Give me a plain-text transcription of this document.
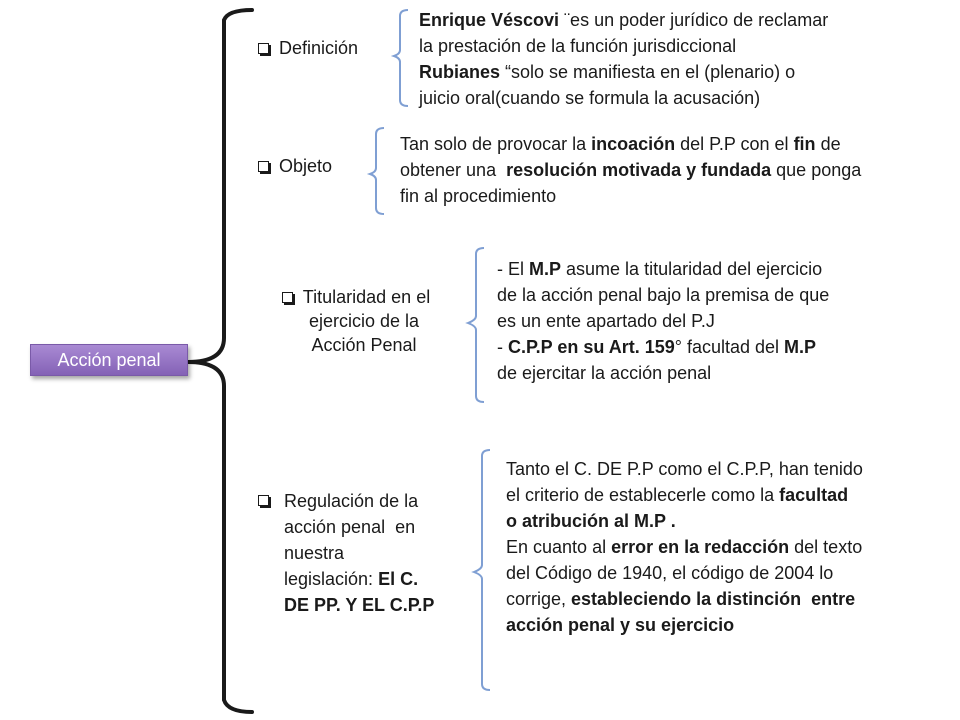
Acción penal
Definición
Objeto
Titularidad en el
ejercicio de la
Acción Penal
Regulación de la
acción penal  en
nuestra
legislación: El C.
DE PP. Y EL C.P.P
Enrique Véscovi ¨es un poder jurídico de reclamar
la prestación de la función jurisdiccional
Rubianes “solo se manifiesta en el (plenario) o
juicio oral(cuando se formula la acusación)
Tan solo de provocar la incoación del P.P con el fin de
obtener una  resolución motivada y fundada que ponga
fin al procedimiento
- El M.P asume la titularidad del ejercicio
de la acción penal bajo la premisa de que
es un ente apartado del P.J
- C.P.P en su Art. 159° facultad del M.P
de ejercitar la acción penal
Tanto el C. DE P.P como el C.P.P, han tenido
el criterio de establecerle como la facultad
o atribución al M.P .
En cuanto al error en la redacción del texto
del Código de 1940, el código de 2004 lo
corrige, estableciendo la distinción  entre
acción penal y su ejercicio
